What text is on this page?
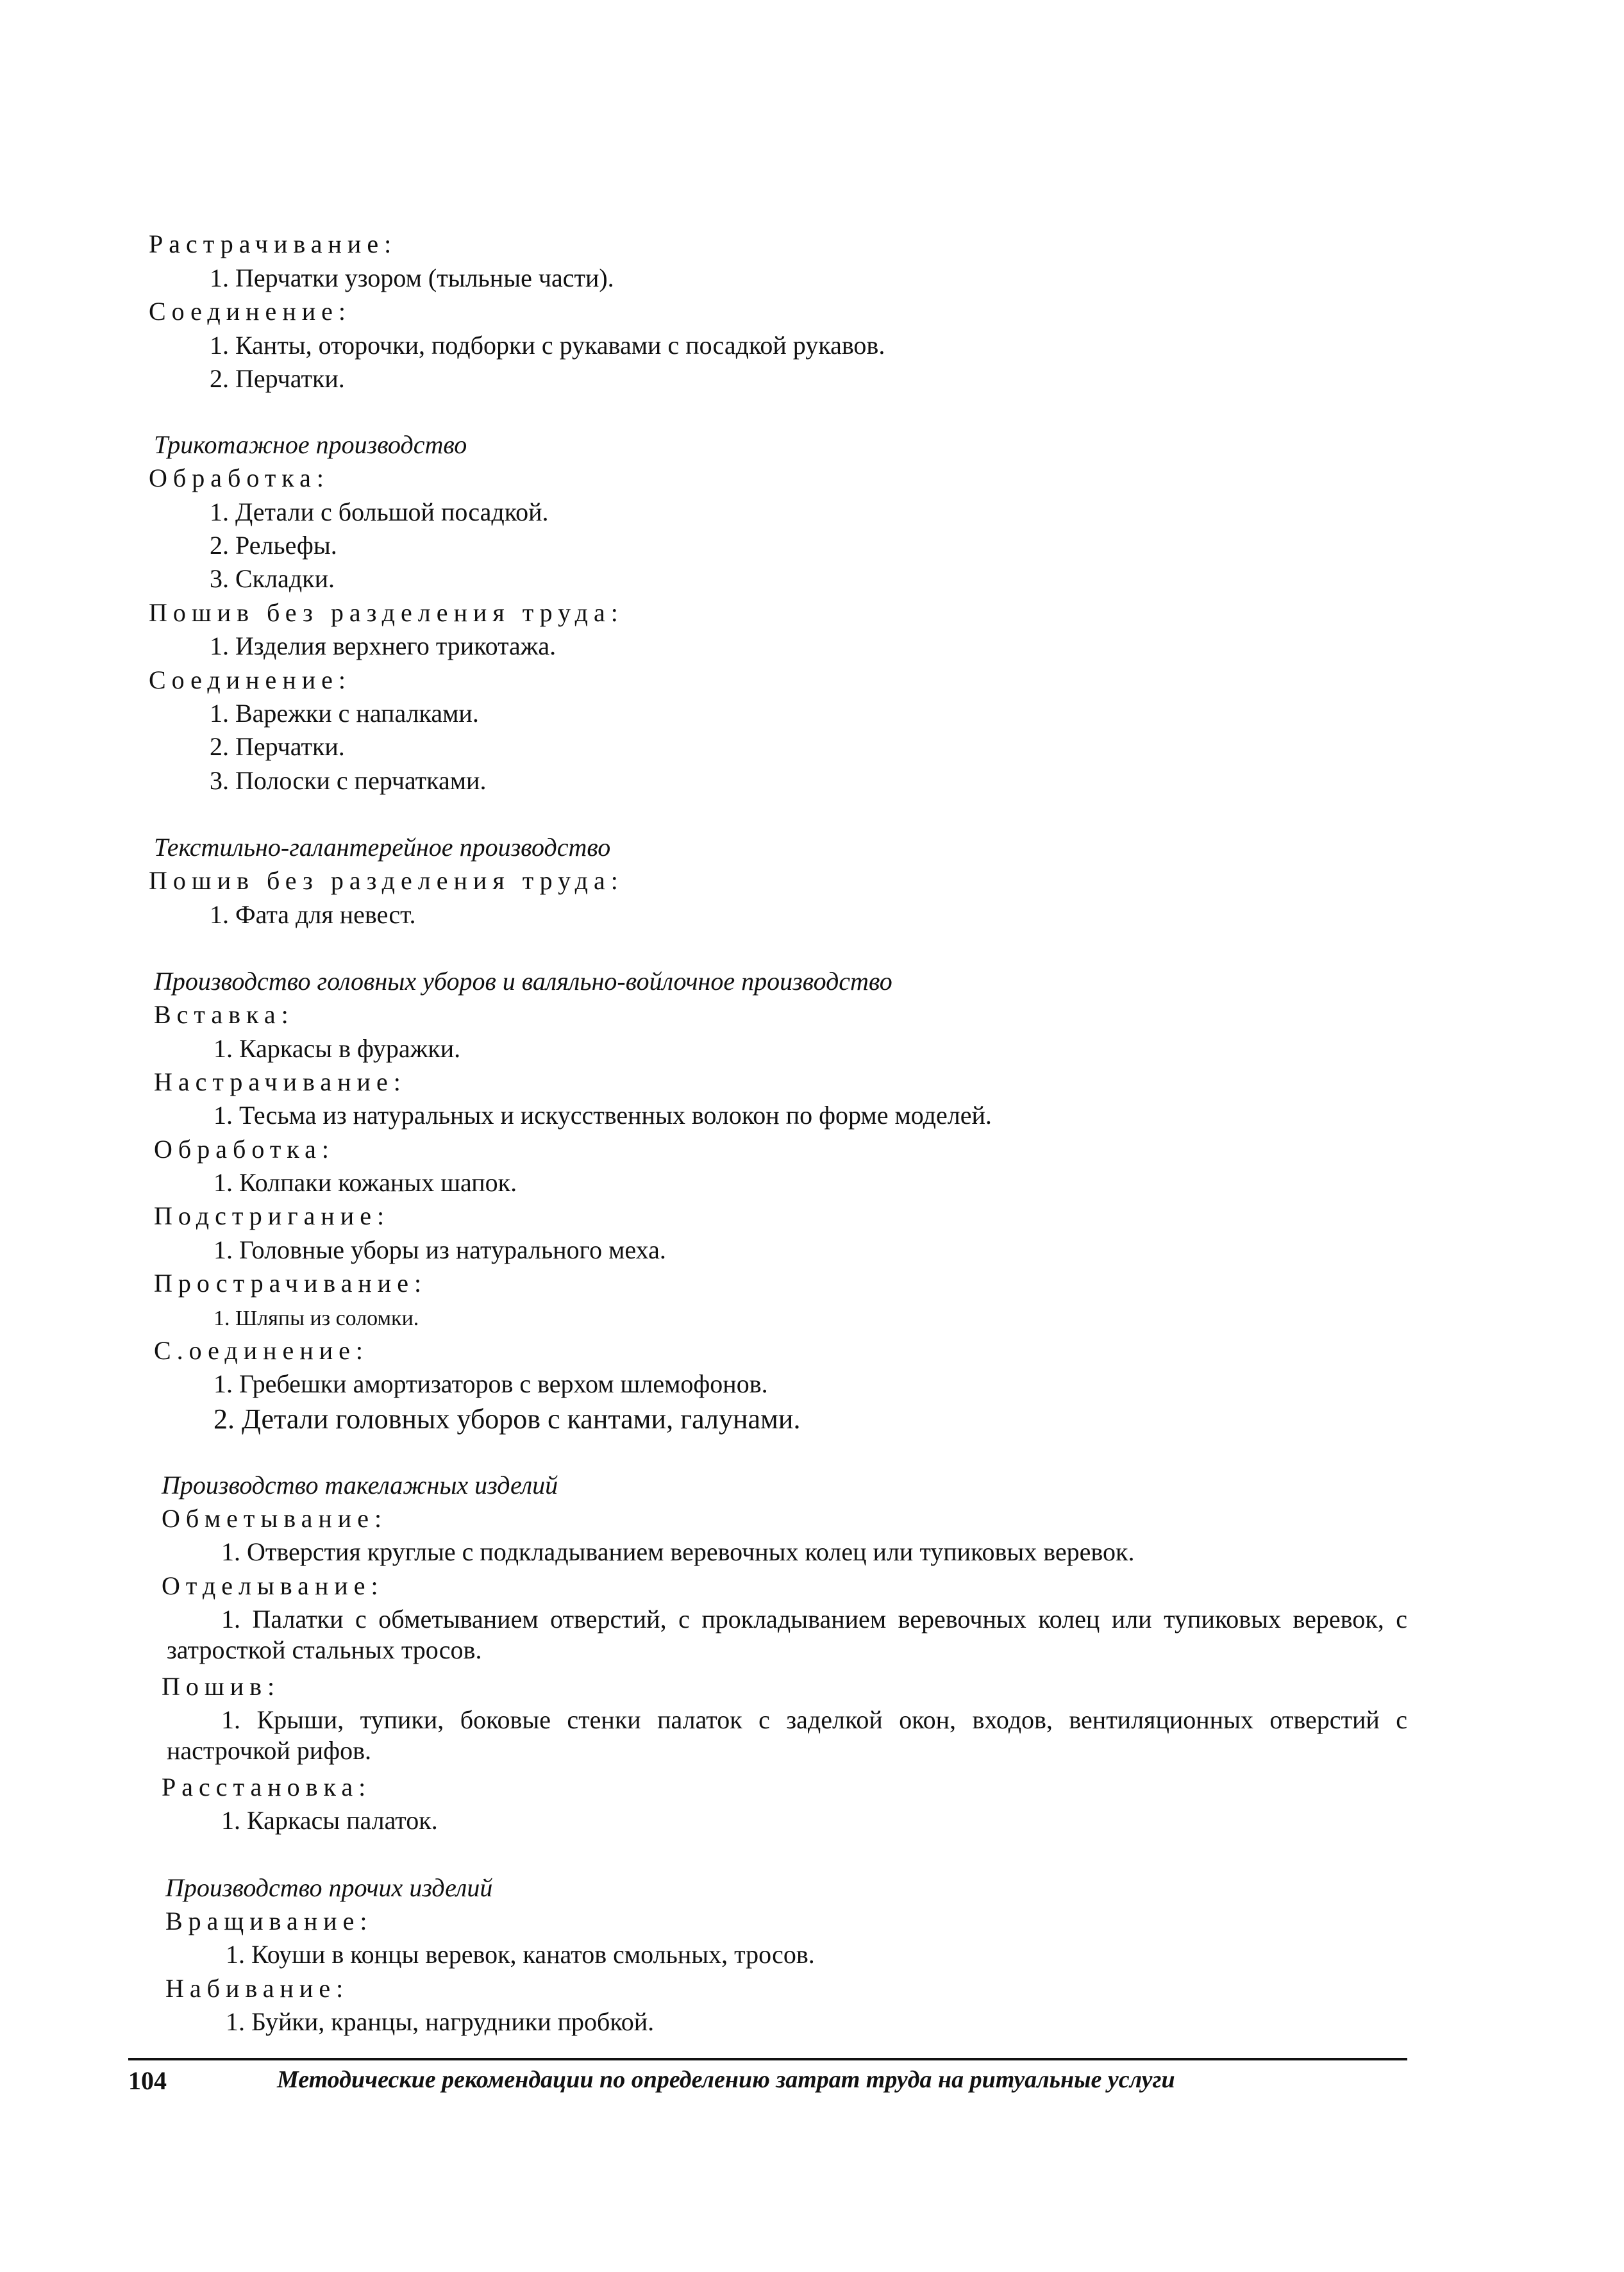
Растрачивание:
1. Перчатки узором (тыльные части).
Соединение:
1. Канты, оторочки, подборки с рукавами с посадкой рукавов.
2. Перчатки.
Трикотажное производство
Обработка:
1. Детали с большой посадкой.
2. Рельефы.
3. Складки.
Пошив без разделения труда:
1. Изделия верхнего трикотажа.
Соединение:
1. Варежки с напалками.
2. Перчатки.
3. Полоски с перчатками.
Текстильно-галантерейное производство
Пошив без разделения труда:
1. Фата для невест.
Производство головных уборов и валяльно-войлочное производство
Вставка:
1. Каркасы в фуражки.
Настрачивание:
1. Тесьма из натуральных и искусственных волокон по форме моделей.
Обработка:
1. Колпаки кожаных шапок.
Подстригание:
1. Головные уборы из натурального меха.
Прострачивание:
1. Шляпы из соломки.
С.оединение:
1. Гребешки амортизаторов с верхом шлемофонов.
2. Детали головных уборов с кантами, галунами.
Производство такелажных изделий
Обметывание:
1. Отверстия круглые с подкладыванием веревочных колец или тупиковых веревок.
Отделывание:
1. Палатки с обметыванием отверстий, с прокладыванием веревочных колец или тупиковых веревок, с затросткой стальных тросов.
Пошив:
1. Крыши, тупики, боковые стенки палаток с заделкой окон, входов, вентиляционных отверстий с настрочкой рифов.
Расстановка:
1. Каркасы палаток.
Производство прочих изделий
Вращивание:
1. Коуши в концы веревок, канатов смольных, тросов.
Набивание:
1. Буйки, кранцы, нагрудники пробкой.
104	Методические рекомендации по определению затрат труда на ритуальные услуги
